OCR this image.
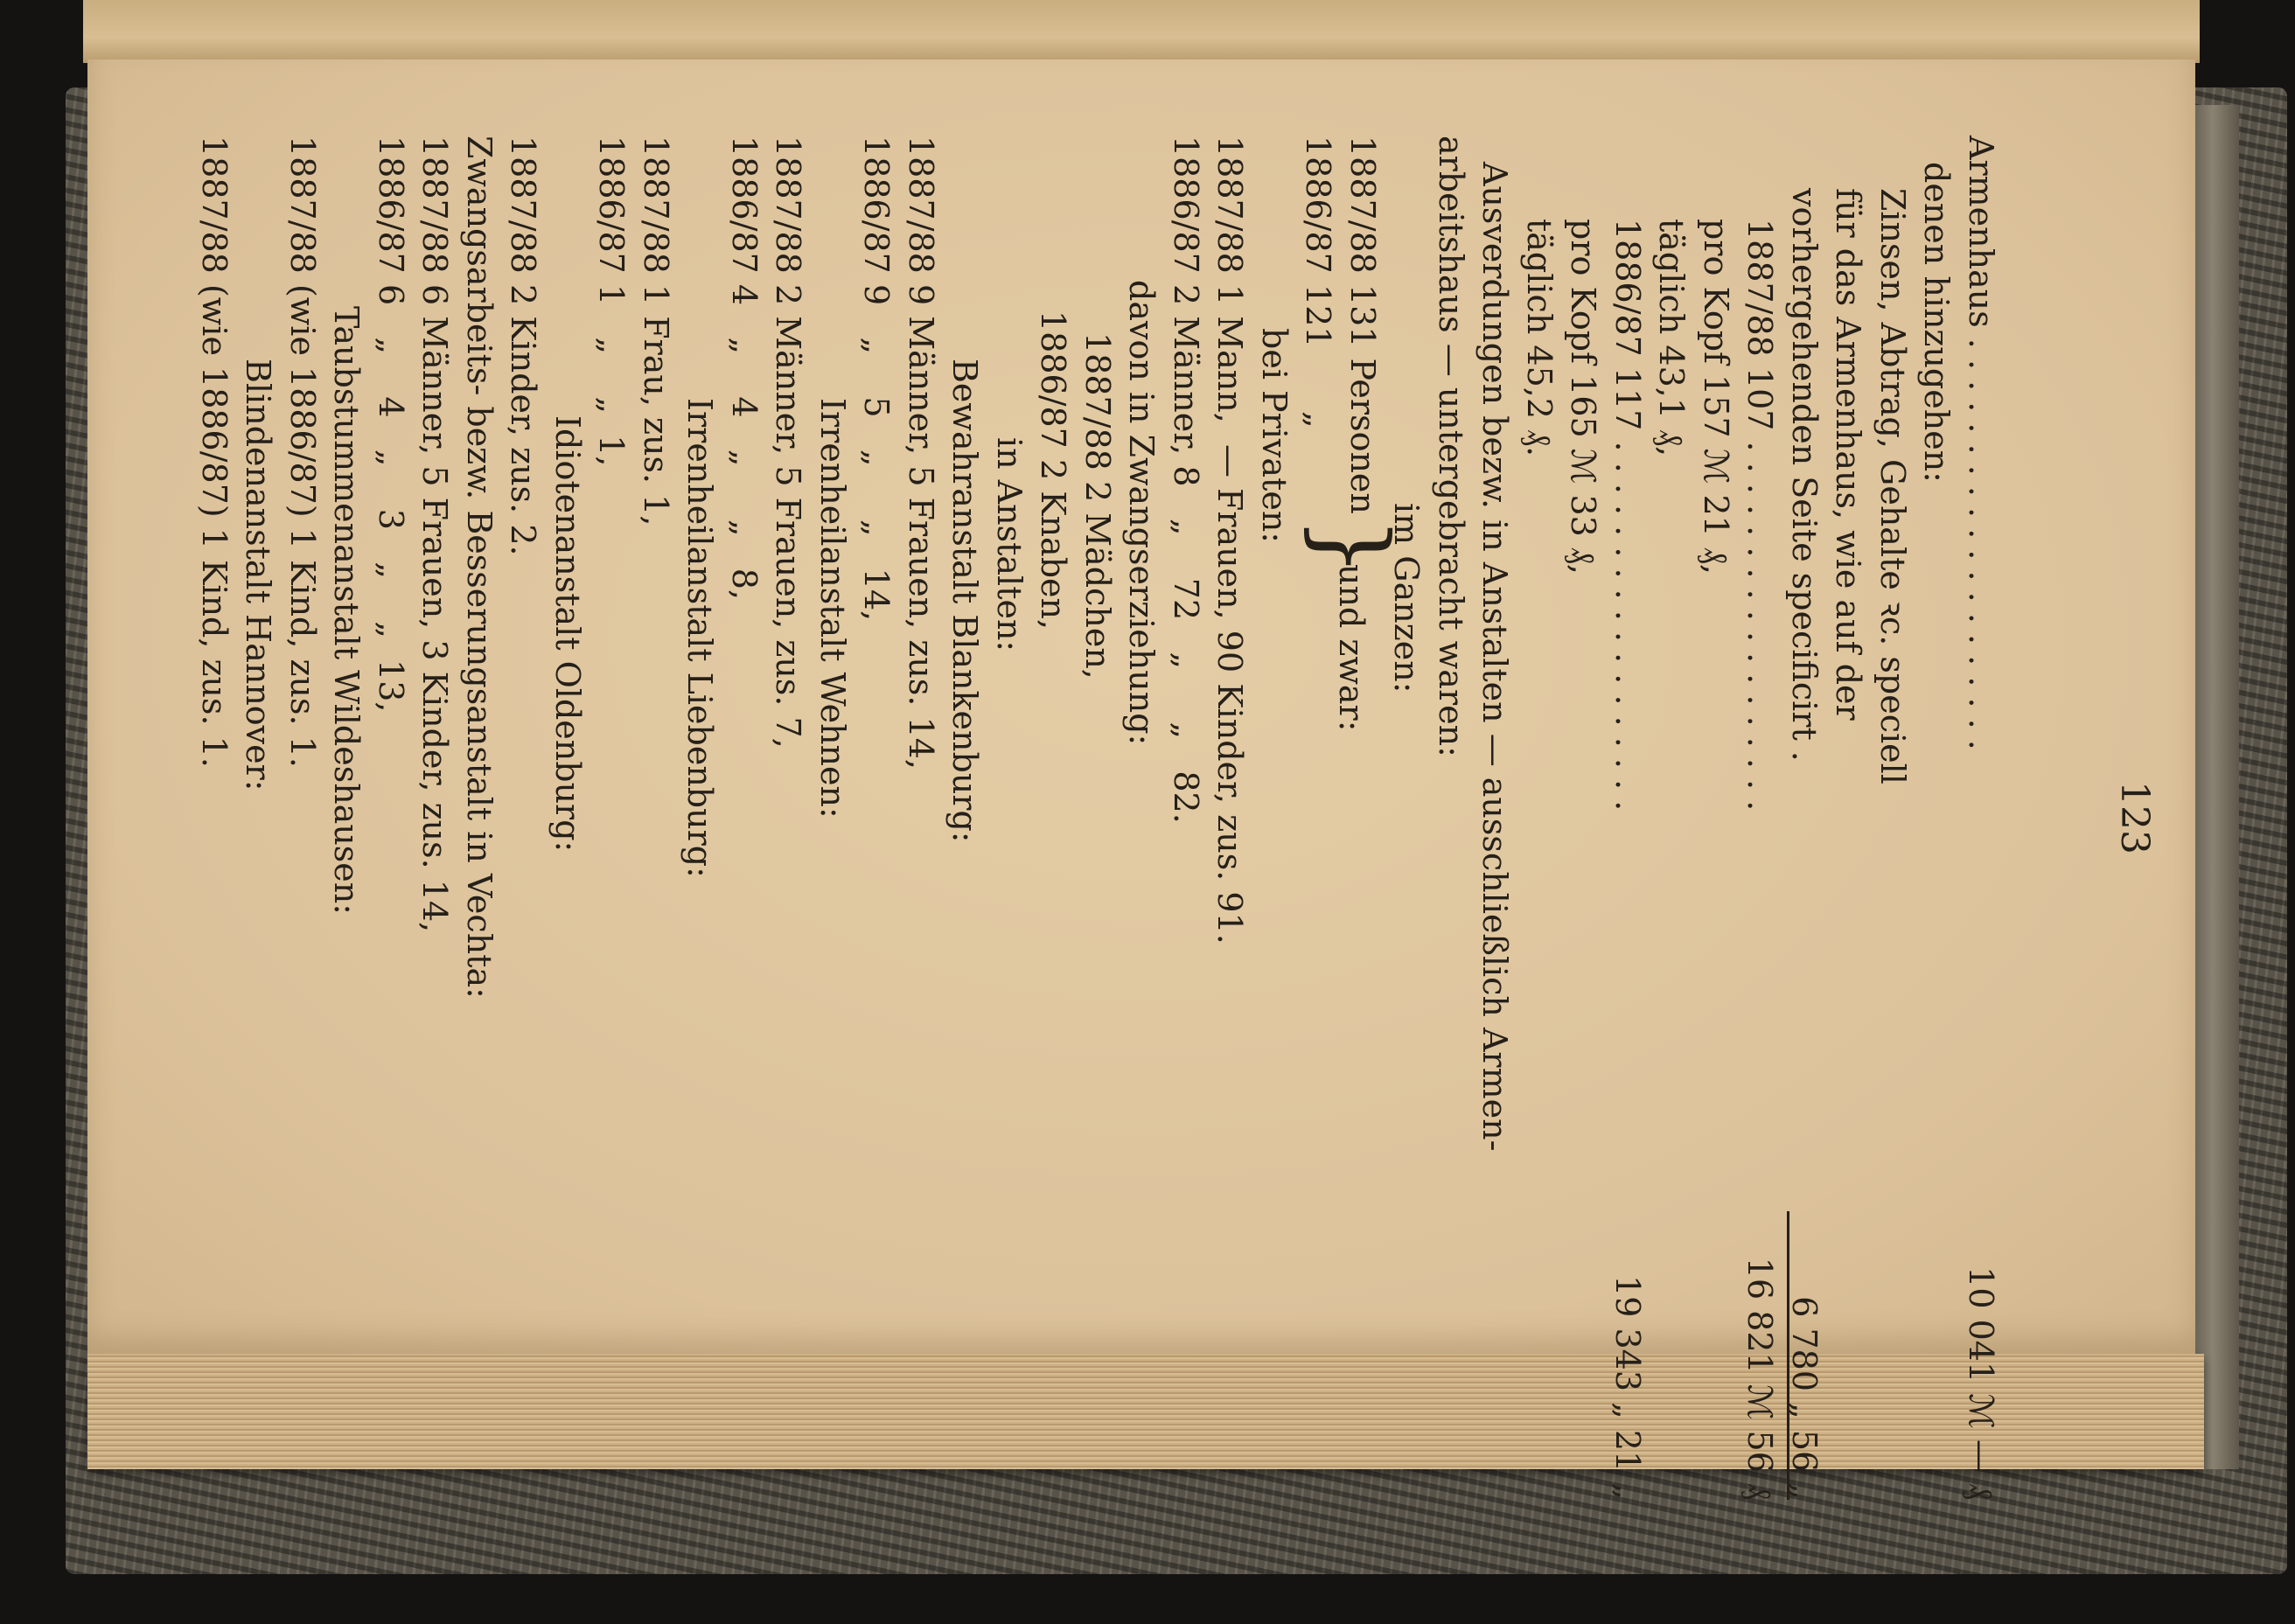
123

Armenhaus . . . . . . . . . . . . . . . . . . . .
10 041 ℳ — ₰
denen hinzugehen:
Zinsen, Abtrag, Gehalte ꝛc. speciell
für das Armenhaus, wie auf der
vorhergehenden Seite specificirt .
6 780 „ 56 „
1887/88 107 . . . . . . . . . . . . . . . . . .
16 821 ℳ 56 ₰
pro Kopf 157 ℳ 21 ₰,
täglich 43,1 ₰,
1886/87 117 . . . . . . . . . . . . . . . . . .
19 343 „ 21 „
pro Kopf 165 ℳ 33 ₰,
täglich 45,2 ₰.
Ausverdungen bezw. in Anstalten — ausschließlich Armen-
arbeitshaus — untergebracht waren:
im Ganzen:
1887/88 131 Personen
1886/87 121      „
bei Privaten:
1887/88 1 Mann,  — Frauen, 90 Kinder, zus. 91.
1886/87 2 Männer, 8   „    72   „     „   82.
davon in Zwangserziehung:
1887/88 2 Mädchen,
1886/87 2 Knaben,
in Anstalten:
Bewahranstalt Blankenburg:
1887/88 9 Männer, 5 Frauen, zus. 14,
1886/87 9   „    5   „     „   14,
Irrenheilanstalt Wehnen:
1887/88 2 Männer, 5 Frauen, zus. 7,
1886/87 4   „    4   „     „   8,
Irrenheilanstalt Liebenburg:
1887/88 1 Frau, zus. 1,
1886/87 1   „    „  1,
Idiotenanstalt Oldenburg:
1887/88 2 Kinder, zus. 2.
Zwangsarbeits- bezw. Besserungsanstalt in Vechta:
1887/88 6 Männer, 5 Frauen, 3 Kinder, zus. 14,
1886/87 6   „    4   „    3   „    „  13,
Taubstummenanstalt Wildeshausen:
1887/88 (wie 1886/87) 1 Kind, zus. 1.
Blindenanstalt Hannover:
1887/88 (wie 1886/87) 1 Kind, zus. 1.

	}

und zwar:
